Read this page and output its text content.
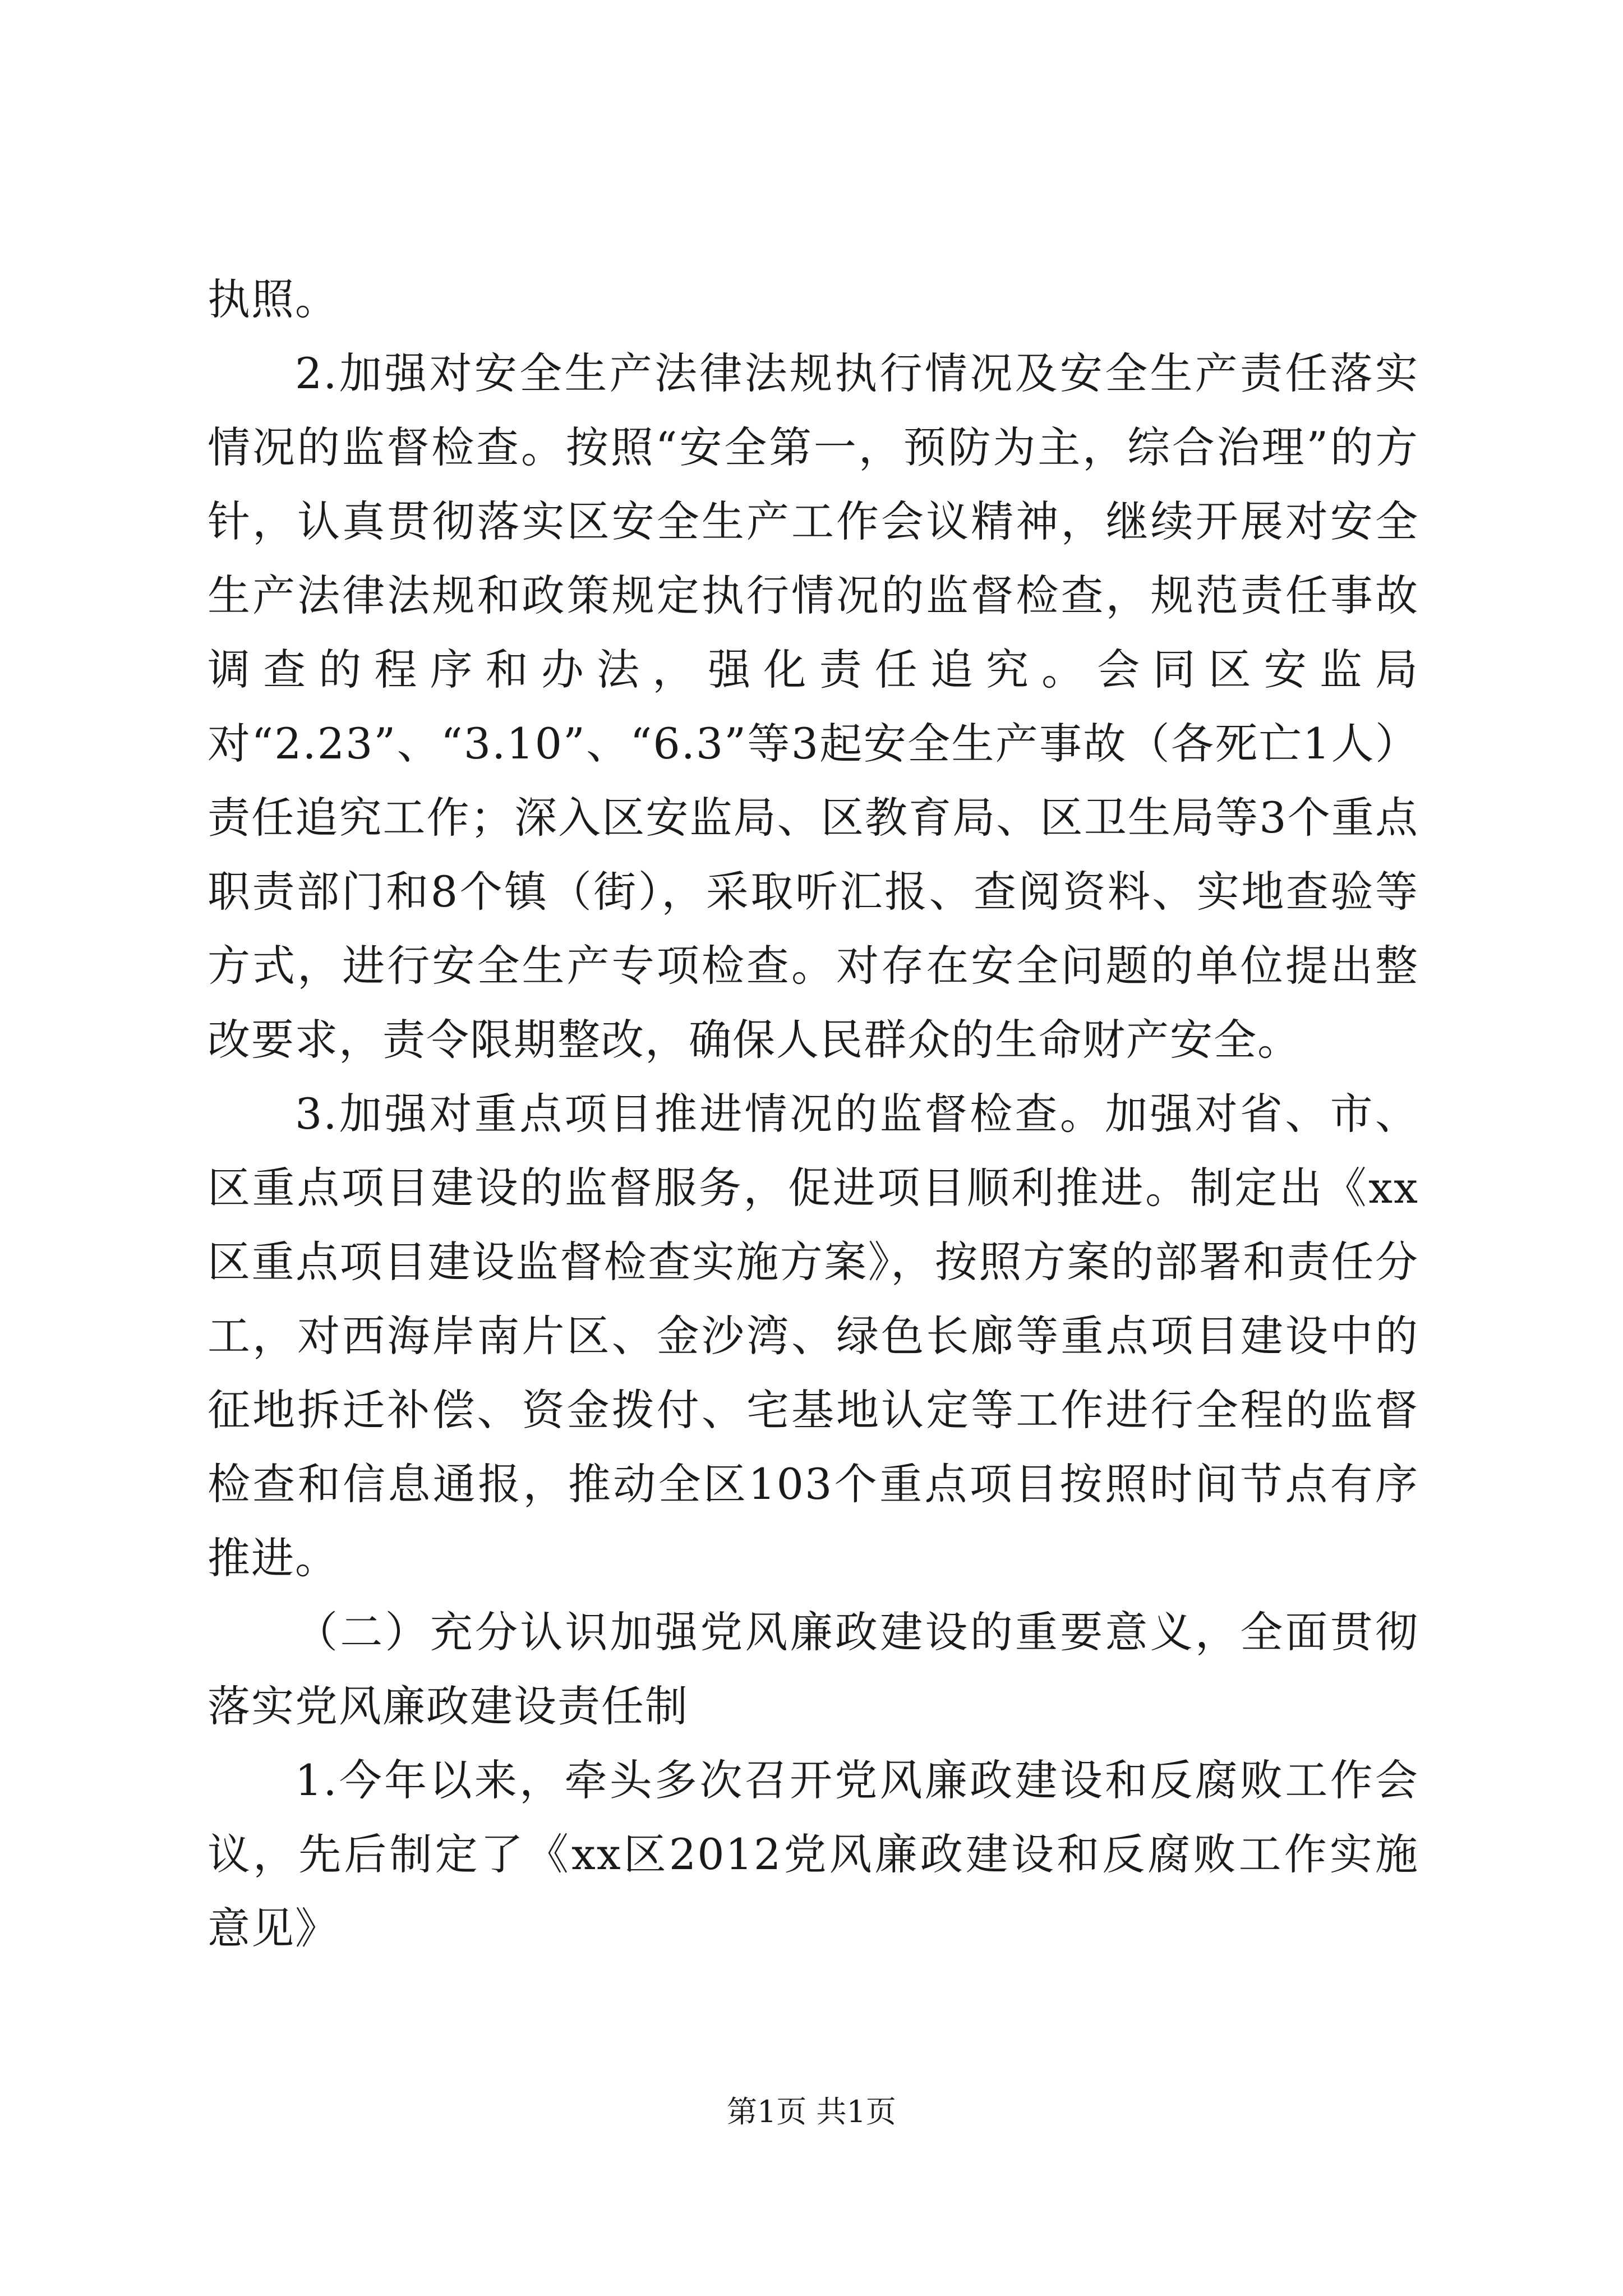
执照。

2.加强对安全生产法律法规执行情况及安全生产责任落实情况的监督检查。按照“安全第一，预防为主，综合治理”的方针，认真贯彻落实区安全生产工作会议精神，继续开展对安全生产法律法规和政策规定执行情况的监督检查，规范责任事故调查的程序和办法，强化责任追究。会同区安监局对“2.23”、“3.10”、“6.3”等3起安全生产事故（各死亡1人）责任追究工作；深入区安监局、区教育局、区卫生局等3个重点职责部门和8个镇（街），采取听汇报、查阅资料、实地查验等方式，进行安全生产专项检查。对存在安全问题的单位提出整改要求，责令限期整改，确保人民群众的生命财产安全。

3.加强对重点项目推进情况的监督检查。加强对省、市、区重点项目建设的监督服务，促进项目顺利推进。制定出《xx区重点项目建设监督检查实施方案》，按照方案的部署和责任分工，对西海岸南片区、金沙湾、绿色长廊等重点项目建设中的征地拆迁补偿、资金拨付、宅基地认定等工作进行全程的监督检查和信息通报，推动全区103个重点项目按照时间节点有序推进。

（二）充分认识加强党风廉政建设的重要意义，全面贯彻落实党风廉政建设责任制

1.今年以来，牵头多次召开党风廉政建设和反腐败工作会议，先后制定了《xx区2012党风廉政建设和反腐败工作实施意见》

第1页 共1页
